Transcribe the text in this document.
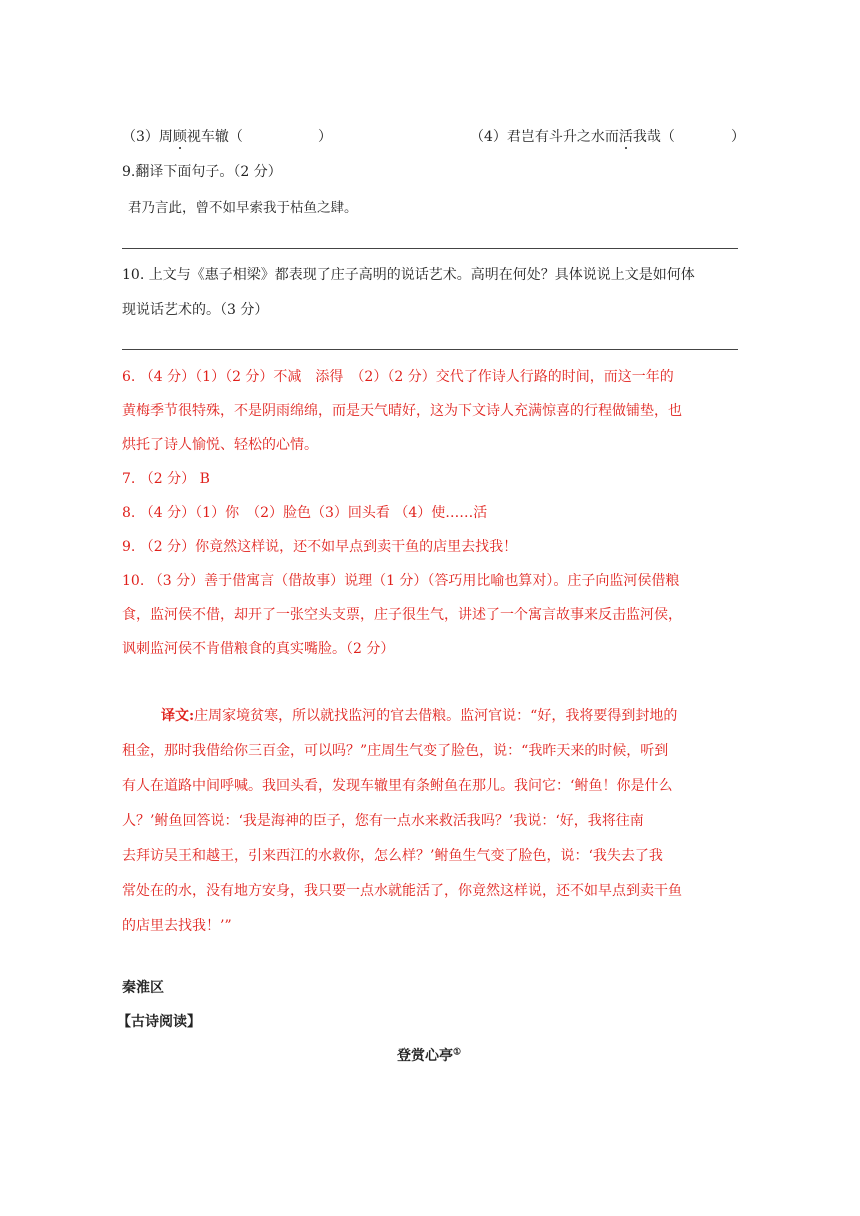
（3）周顾视车辙（	）	（4）君岂有斗升之水而活我哉（	）
9.翻译下面句子。（2 分）
君乃言此，曾不如早索我于枯鱼之肆。
10. 上文与《惠子相梁》都表现了庄子高明的说话艺术。高明在何处？具体说说上文是如何体
现说话艺术的。（3 分）
6. （4 分）（1）（2 分）不减　添得　（2）（2 分）交代了作诗人行路的时间，而这一年的
黄梅季节很特殊，不是阴雨绵绵，而是天气晴好，这为下文诗人充满惊喜的行程做铺垫，也
烘托了诗人愉悦、轻松的心情。
7. （2 分） B
8. （4 分）（1）你　（2）脸色（3）回头看 （4）使……活
9. （2 分）你竟然这样说，还不如早点到卖干鱼的店里去找我！
10. （3 分）善于借寓言（借故事）说理（1 分）（答巧用比喻也算对）。庄子向监河侯借粮
食，监河侯不借，却开了一张空头支票，庄子很生气，讲述了一个寓言故事来反击监河侯，
讽刺监河侯不肯借粮食的真实嘴脸。（2 分）
译文:庄周家境贫寒，所以就找监河的官去借粮。监河官说：“好，我将要得到封地的
租金，那时我借给你三百金，可以吗？”庄周生气变了脸色，说：“我昨天来的时候，听到
有人在道路中间呼喊。我回头看，发现车辙里有条鲋鱼在那儿。我问它：‘鲋鱼！你是什么
人？’鲋鱼回答说：‘我是海神的臣子，您有一点水来救活我吗？’我说：‘好，我将往南
去拜访吴王和越王，引来西江的水救你，怎么样？’鲋鱼生气变了脸色，说：‘我失去了我
常处在的水，没有地方安身，我只要一点水就能活了，你竟然这样说，还不如早点到卖干鱼
的店里去找我！’”
秦淮区
【古诗阅读】
登赏心亭①
